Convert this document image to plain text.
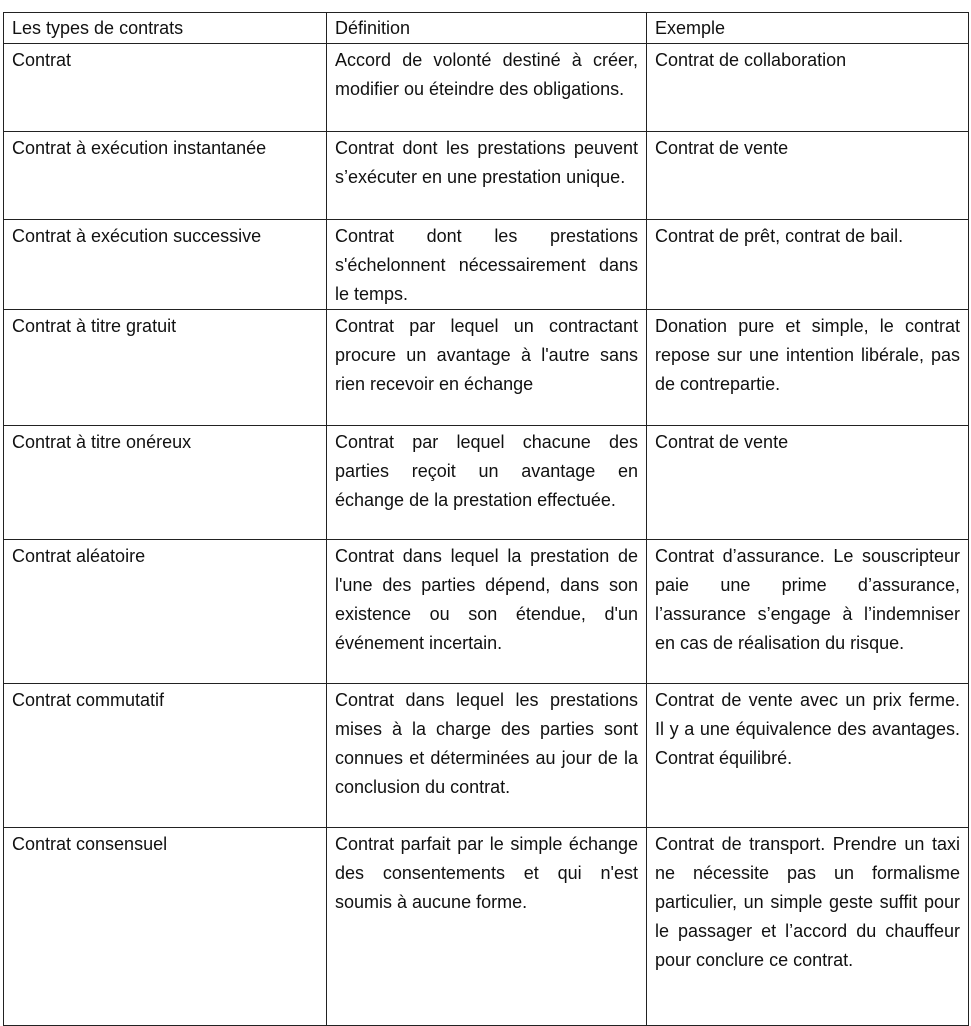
Les types de contrats	Définition	Exemple
Contrat	Accord de volonté destiné à créer, modifier ou éteindre des obligations.	Contrat de collaboration
Contrat à exécution instantanée	Contrat dont les prestations peuvent s’exécuter en une prestation unique.	Contrat de vente
Contrat à exécution successive	Contrat dont les prestations s'échelonnent nécessairement dans le temps.	Contrat de prêt, contrat de bail.
Contrat à titre gratuit	Contrat par lequel un contractant procure un avantage à l'autre sans rien recevoir en échange	Donation pure et simple, le contrat repose sur une intention libérale, pas de contrepartie.
Contrat à titre onéreux	Contrat par lequel chacune des parties reçoit un avantage en échange de la prestation effectuée.	Contrat de vente
Contrat aléatoire	Contrat dans lequel la prestation de l'une des parties dépend, dans son existence ou son étendue, d'un événement incertain.	Contrat d’assurance. Le souscripteur paie une prime d’assurance, l’assurance s’engage à l’indemniser en cas de réalisation du risque.
Contrat commutatif	Contrat dans lequel les prestations mises à la charge des parties sont connues et déterminées au jour de la conclusion du contrat.	Contrat de vente avec un prix ferme. Il y a une équivalence des avantages. Contrat équilibré.
Contrat consensuel	Contrat parfait par le simple échange des consentements et qui n'est soumis à aucune forme.	Contrat de transport. Prendre un taxi ne nécessite pas un formalisme particulier, un simple geste suffit pour le passager et l’accord du chauffeur pour conclure ce contrat.
